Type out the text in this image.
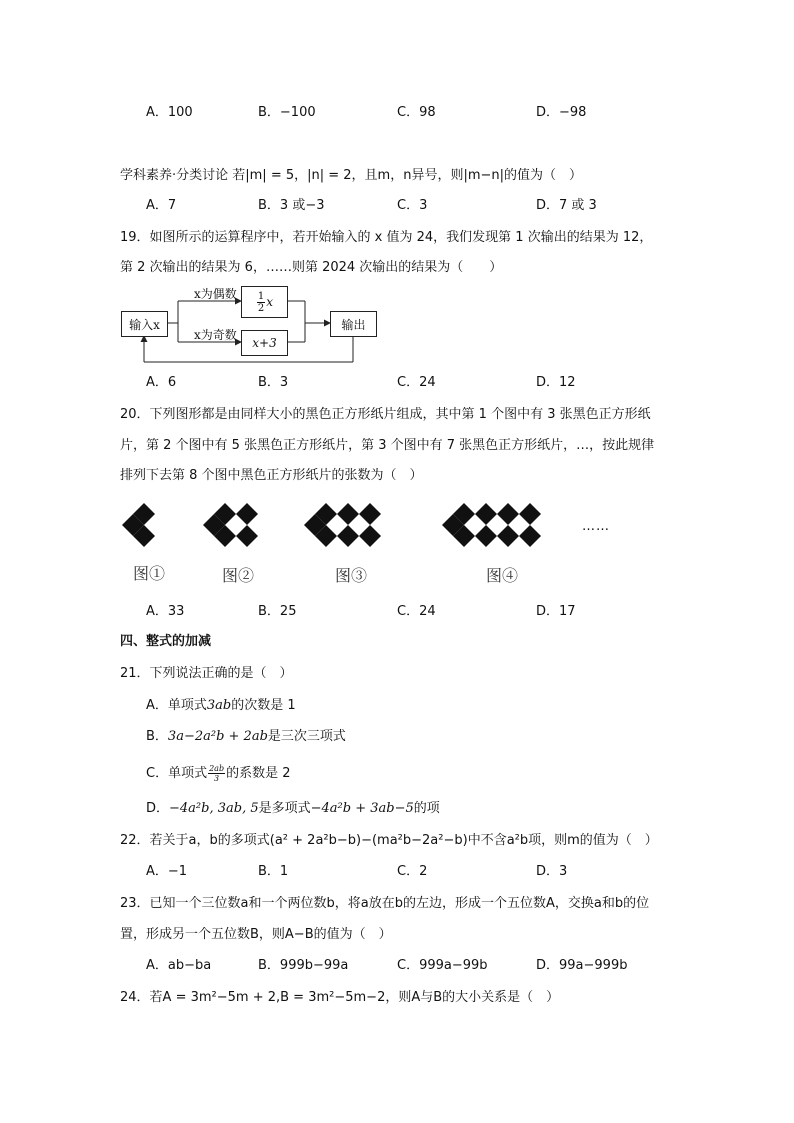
A．100	B．−100	C．98	D．−98
学科素养·分类讨论 若|m| = 5，|n| = 2，且m，n异号，则|m−n|的值为（　）
A．7	B．3 或−3	C．3	D．7 或 3
19．如图所示的运算程序中，若开始输入的 x 值为 24，我们发现第 1 次输出的结果为 12，
第 2 次输出的结果为 6，……则第 2024 次输出的结果为（　　）
输入x
$\frac{1}{2}$ x
x+3
输出
x为偶数
x为奇数
A．6	B．3	C．24	D．12
20．下列图形都是由同样大小的黑色正方形纸片组成，其中第 1 个图中有 3 张黑色正方形纸
片，第 2 个图中有 5 张黑色正方形纸片，第 3 个图中有 7 张黑色正方形纸片，…，按此规律
排列下去第 8 个图中黑色正方形纸片的张数为（　）
图①	图②	图③	图④
……
A．33	B．25	C．24	D．17
四、整式的加减
21．下列说法正确的是（　）
A．单项式3ab的次数是 1
B．3a−2a²b + 2ab是三次三项式
C．单项式 $\frac{2ab}{3}$ 的系数是 2
D．−4a²b, 3ab, 5是多项式−4a²b + 3ab−5的项
22．若关于a，b的多项式(a² + 2a²b−b)−(ma²b−2a²−b)中不含a²b项，则m的值为（　）
A．−1	B．1	C．2	D．3
23．已知一个三位数a和一个两位数b，将a放在b的左边，形成一个五位数A，交换a和b的位
置，形成另一个五位数B，则A−B的值为（　）
A．ab−ba	B．999b−99a	C．999a−99b	D．99a−999b
24．若A = 3m²−5m + 2,B = 3m²−5m−2，则A与B的大小关系是（　）
